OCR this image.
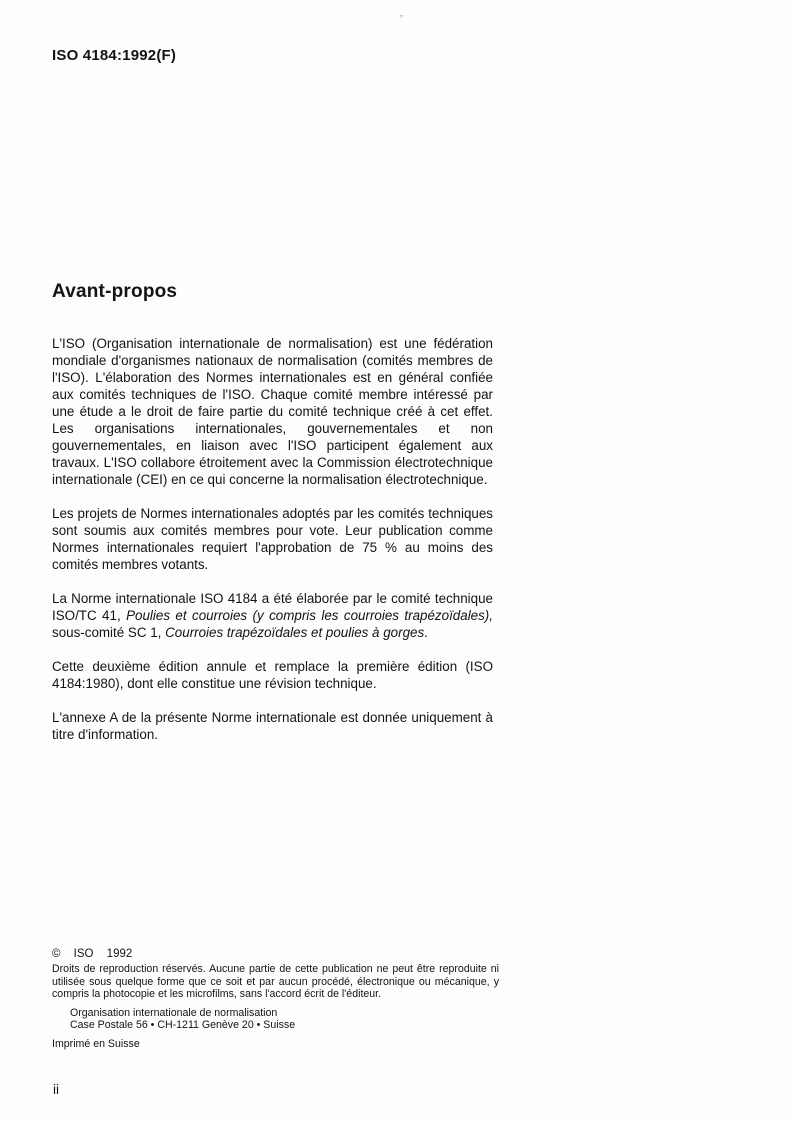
„
ISO 4184:1992(F)
Avant-propos

L'ISO (Organisation internationale de normalisation) est une fédération mondiale d'organismes nationaux de normalisation (comités membres de l'ISO). L'élaboration des Normes internationales est en général confiée aux comités techniques de l'ISO. Chaque comité membre intéressé par une étude a le droit de faire partie du comité technique créé à cet effet. Les organisations internationales, gouvernementales et non gouvernementales, en liaison avec l'ISO participent également aux travaux. L'ISO collabore étroitement avec la Commission électrotechnique internationale (CEI) en ce qui concerne la normalisation électrotechnique.

Les projets de Normes internationales adoptés par les comités techniques sont soumis aux comités membres pour vote. Leur publication comme Normes internationales requiert l'approbation de 75 % au moins des comités membres votants.

La Norme internationale ISO 4184 a été élaborée par le comité technique ISO/TC 41, Poulies et courroies (y compris les courroies trapézoïdales), sous-comité SC 1, Courroies trapézoïdales et poulies à gorges.

Cette deuxième édition annule et remplace la première édition (ISO 4184:1980), dont elle constitue une révision technique.

L'annexe A de la présente Norme internationale est donnée uniquement à titre d'information.

© ISO 1992

Droits de reproduction réservés. Aucune partie de cette publication ne peut être reproduite ni utilisée sous quelque forme que ce soit et par aucun procédé, électronique ou mécanique, y compris la photocopie et les microfilms, sans l'accord écrit de l'éditeur.

Organisation internationale de normalisation
Case Postale 56 • CH-1211 Genève 20 • Suisse
Imprimé en Suisse
ii
